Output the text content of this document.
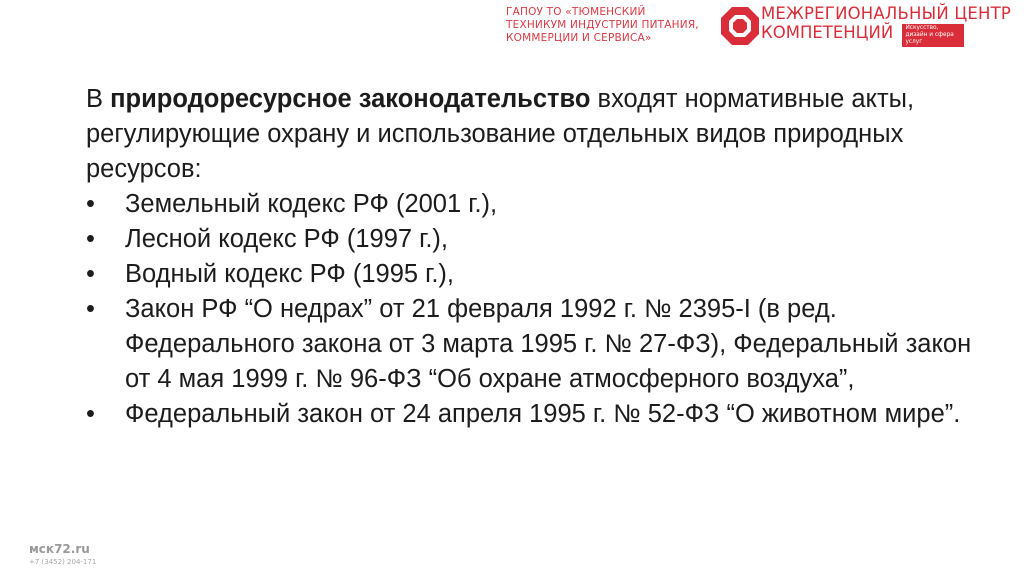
ГАПОУ ТО «ТЮМЕНСКИЙ
ТЕХНИКУМ ИНДУСТРИИ ПИТАНИЯ,
КОММЕРЦИИ И СЕРВИСА»
МЕЖРЕГИОНАЛЬНЫЙ ЦЕНТР
КОМПЕТЕНЦИЙ Искусство, дизайн и сфера услуг

В природоресурсное законодательство входят нормативные акты, регулирующие охрану и использование отдельных видов природных ресурсов:

• Земельный кодекс РФ (2001 г.),
• Лесной кодекс РФ (1997 г.),
• Водный кодекс РФ (1995 г.),
• Закон РФ “О недрах” от 21 февраля 1992 г. № 2395-I (в ред. Федерального закона от 3 марта 1995 г. № 27-ФЗ), Федеральный закон от 4 мая 1999 г. № 96-ФЗ “Об охране атмосферного воздуха”,
• Федеральный закон от 24 апреля 1995 г. № 52-ФЗ “О животном мире”.
мск72.ru
+7 (3452) 204-171
